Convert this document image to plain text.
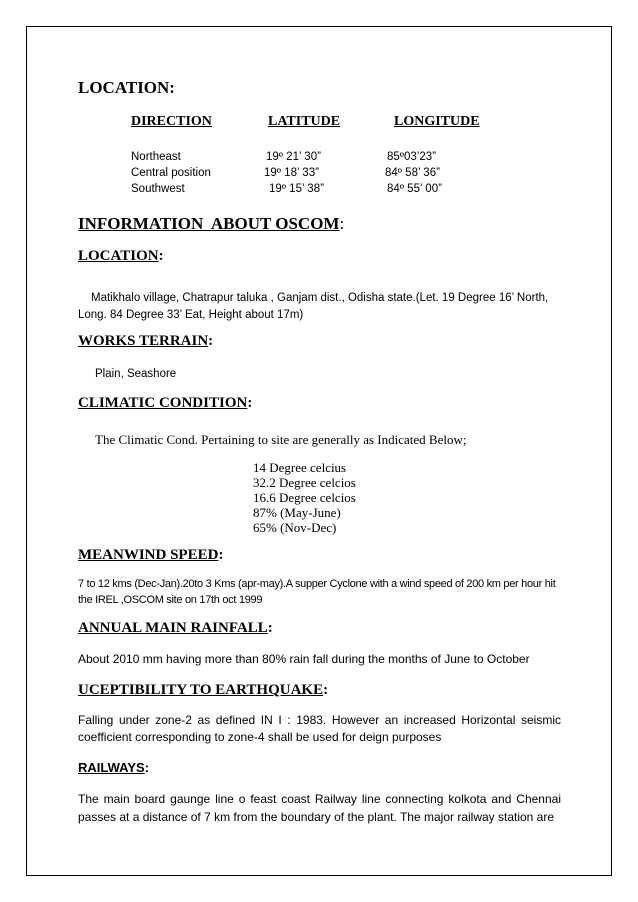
LOCATION:
DIRECTION	LATITUDE	LONGITUDE
Northeast	19º 21’ 30”	85º03’23”
Central position	19º 18’ 33”	84º 58’ 36”
Southwest	19º 15’ 38”	84º 55’ 00”
INFORMATION  ABOUT OSCOM:
LOCATION:
Matikhalo village, Chatrapur taluka , Ganjam dist., Odisha state.(Let. 19 Degree 16’ North, Long. 84 Degree 33’ Eat, Height about 17m)
WORKS TERRAIN:
Plain, Seashore
CLIMATIC CONDITION:
The Climatic Cond. Pertaining to site are generally as Indicated Below;
14 Degree celcius
32.2 Degree celcios
16.6 Degree celcios
87% (May-June)
65% (Nov-Dec)
MEANWIND SPEED:
7 to 12 kms (Dec-Jan).20to 3 Kms (apr-may).A supper Cyclone with a wind speed of 200 km per hour hit the IREL ,OSCOM site on 17th oct 1999
ANNUAL MAIN RAINFALL:
About 2010 mm having more than 80% rain fall during the months of June to October
UCEPTIBILITY TO EARTHQUAKE:
Falling under zone-2 as defined IN I : 1983. However an increased Horizontal seismic coefficient corresponding to zone-4 shall be used for deign purposes
RAILWAYS:
The main board gaunge line o feast coast Railway line connecting kolkota and Chennai passes at a distance of 7 km from the boundary of the plant. The major railway station are
